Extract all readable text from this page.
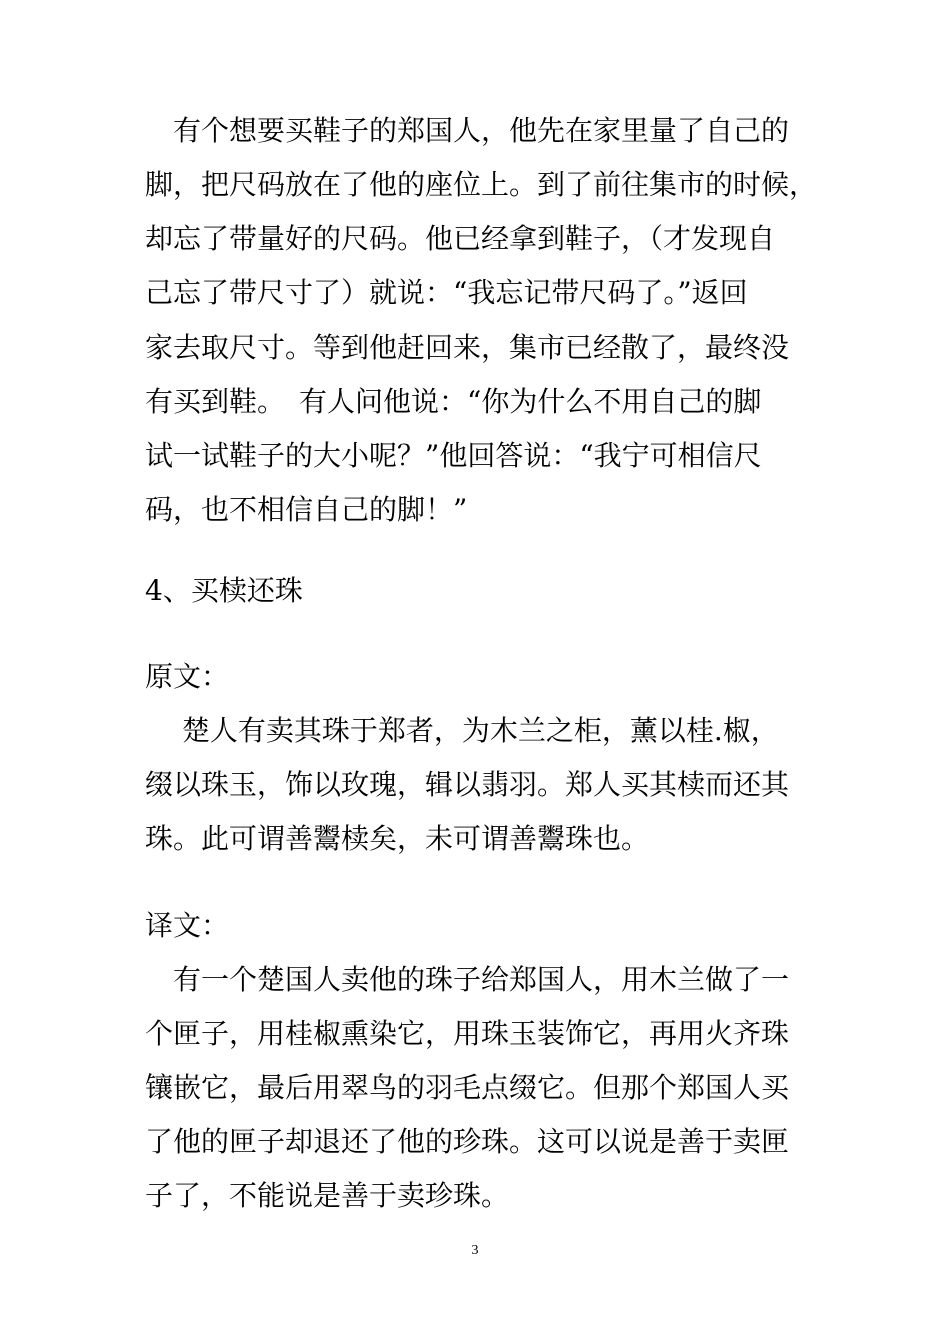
　有个想要买鞋子的郑国人，他先在家里量了自己的
脚，把尺码放在了他的座位上。到了前往集市的时候，
却忘了带量好的尺码。他已经拿到鞋子，（才发现自
己忘了带尺寸了）就说：“我忘记带尺码了。”返回
家去取尺寸。等到他赶回来，集市已经散了，最终没
有买到鞋。　有人问他说：“你为什么不用自己的脚
试一试鞋子的大小呢？”他回答说：“我宁可相信尺
码，也不相信自己的脚！”
4、买椟还珠
原文：
　 楚人有卖其珠于郑者，为木兰之柜，薰以桂.椒，
缀以珠玉，饰以玫瑰，辑以翡羽。郑人买其椟而还其
珠。此可谓善鬻椟矣，未可谓善鬻珠也。
译文：
　有一个楚国人卖他的珠子给郑国人，用木兰做了一
个匣子，用桂椒熏染它，用珠玉装饰它，再用火齐珠
镶嵌它，最后用翠鸟的羽毛点缀它。但那个郑国人买
了他的匣子却退还了他的珍珠。这可以说是善于卖匣
子了，不能说是善于卖珍珠。
3
